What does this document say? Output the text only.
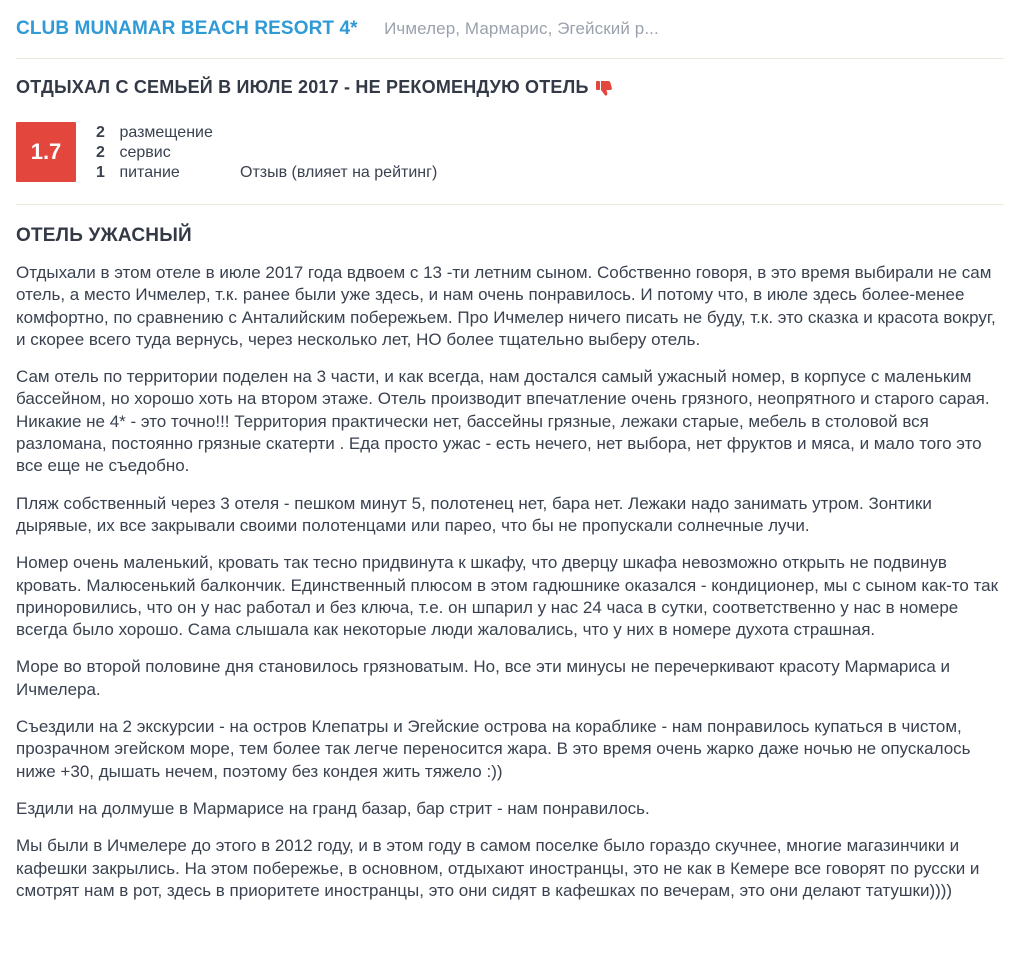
CLUB MUNAMAR BEACH RESORT 4* Ичмелер, Мармарис, Эгейский р...
ОТДЫХАЛ С СЕМЬЕЙ В ИЮЛЕ 2017 - НЕ РЕКОМЕНДУЮ ОТЕЛЬ
1.7
2 размещение
2 сервис
1 питание	Отзыв (влияет на рейтинг)
ОТЕЛЬ УЖАСНЫЙ

Отдыхали в этом отеле в июле 2017 года вдвоем с 13 -ти летним сыном. Собственно говоря, в это время выбирали не сам отель, а место Ичмелер, т.к. ранее были уже здесь, и нам очень понравилось. И потому что, в июле здесь более-менее комфортно, по сравнению с Анталийским побережьем. Про Ичмелер ничего писать не буду, т.к. это сказка и красота вокруг, и скорее всего туда вернусь, через несколько лет, НО более тщательно выберу отель.

Сам отель по территории поделен на 3 части, и как всегда, нам достался самый ужасный номер, в корпусе с маленьким бассейном, но хорошо хоть на втором этаже. Отель производит впечатление очень грязного, неопрятного и старого сарая. Никакие не 4* - это точно!!! Территория практически нет, бассейны грязные, лежаки старые, мебель в столовой вся разломана, постоянно грязные скатерти . Еда просто ужас - есть нечего, нет выбора, нет фруктов и мяса, и мало того это все еще не съедобно.

Пляж собственный через 3 отеля - пешком минут 5, полотенец нет, бара нет. Лежаки надо занимать утром. Зонтики дырявые, их все закрывали своими полотенцами или парео, что бы не пропускали солнечные лучи.

Номер очень маленький, кровать так тесно придвинута к шкафу, что дверцу шкафа невозможно открыть не подвинув кровать. Малюсенький балкончик. Единственный плюсом в этом гадюшнике оказался - кондиционер, мы с сыном как-то так приноровились, что он у нас работал и без ключа, т.е. он шпарил у нас 24 часа в сутки, соответственно у нас в номере всегда было хорошо. Сама слышала как некоторые люди жаловались, что у них в номере духота страшная.

Море во второй половине дня становилось грязноватым. Но, все эти минусы не перечеркивают красоту Мармариса и Ичмелера.

Съездили на 2 экскурсии - на остров Клепатры и Эгейские острова на кораблике - нам понравилось купаться в чистом, прозрачном эгейском море, тем более так легче переносится жара. В это время очень жарко даже ночью не опускалось ниже +30, дышать нечем, поэтому без кондея жить тяжело :))

Ездили на долмуше в Мармарисе на гранд базар, бар стрит - нам понравилось.

Мы были в Ичмелере до этого в 2012 году, и в этом году в самом поселке было гораздо скучнее, многие магазинчики и кафешки закрылись. На этом побережье, в основном, отдыхают иностранцы, это не как в Кемере все говорят по русски и смотрят нам в рот, здесь в приоритете иностранцы, это они сидят в кафешках по вечерам, это они делают татушки))))
